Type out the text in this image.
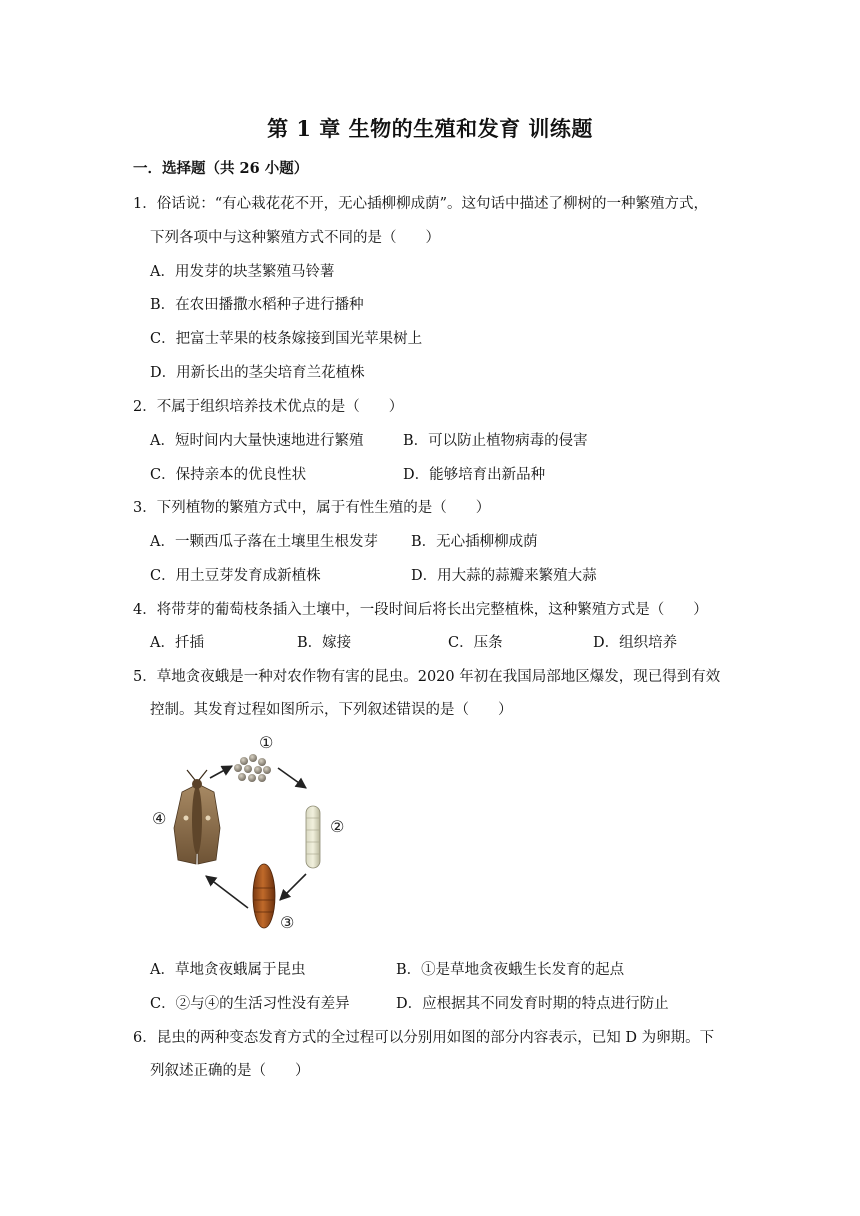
第 1 章 生物的生殖和发育 训练题
一．选择题（共 26 小题）
1．俗话说：“有心栽花花不开，无心插柳柳成荫”。这句话中描述了柳树的一种繁殖方式，
下列各项中与这种繁殖方式不同的是（　　）
A．用发芽的块茎繁殖马铃薯
B．在农田播撒水稻种子进行播种
C．把富士苹果的枝条嫁接到国光苹果树上
D．用新长出的茎尖培育兰花植株
2．不属于组织培养技术优点的是（　　）
A．短时间内大量快速地进行繁殖	B．可以防止植物病毒的侵害
C．保持亲本的优良性状	D．能够培育出新品种
3．下列植物的繁殖方式中，属于有性生殖的是（　　）
A．一颗西瓜子落在土壤里生根发芽 B．无心插柳柳成荫
C．用土豆芽发育成新植株	D．用大蒜的蒜瓣来繁殖大蒜
4．将带芽的葡萄枝条插入土壤中，一段时间后将长出完整植株，这种繁殖方式是（　　）
A．扦插	B．嫁接	C．压条	D．组织培养
5．草地贪夜蛾是一种对农作物有害的昆虫。2020 年初在我国局部地区爆发，现已得到有效
控制。其发育过程如图所示，下列叙述错误的是（　　）
①
②
③
④
A．草地贪夜蛾属于昆虫	B．①是草地贪夜蛾生长发育的起点
C．②与④的生活习性没有差异	D．应根据其不同发育时期的特点进行防止
6．昆虫的两种变态发育方式的全过程可以分别用如图的部分内容表示，已知 D 为卵期。下
列叙述正确的是（　　）
